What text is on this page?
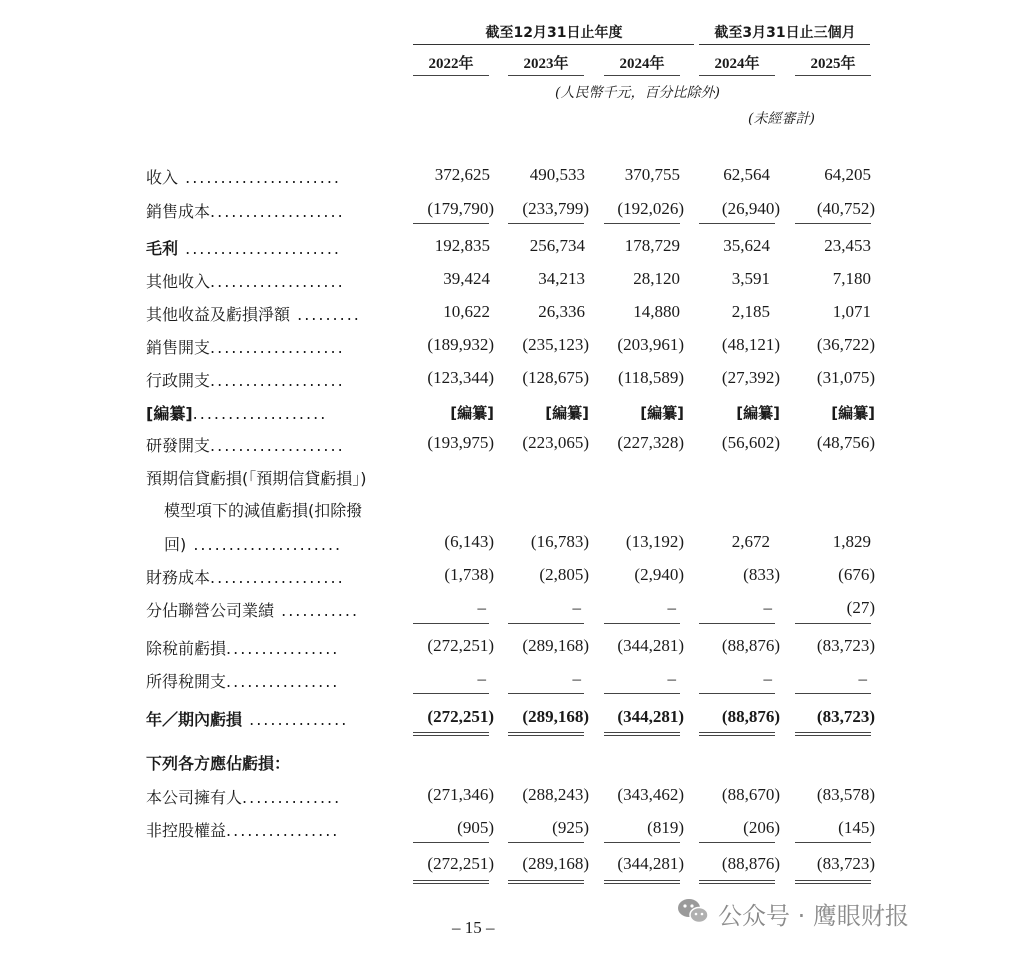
截至12月31日止年度	截至3月31日止三個月
2022年	2023年	2024年	2024年	2025年
(人民幣千元，百分比除外)
(未經審計)
收入 ......................	372,625	490,533	370,755	62,564	64,205
銷售成本...................	(179,790)	(233,799)	(192,026)	(26,940)	(40,752)
毛利 ......................	192,835	256,734	178,729	35,624	23,453
其他收入...................	39,424	34,213	28,120	3,591	7,180
其他收益及虧損淨額 .........	10,622	26,336	14,880	2,185	1,071
銷售開支...................	(189,932)	(235,123)	(203,961)	(48,121)	(36,722)
行政開支...................	(123,344)	(128,675)	(118,589)	(27,392)	(31,075)
[編纂]...................	[編纂]	[編纂]	[編纂]	[編纂]	[編纂]
研發開支...................	(193,975)	(223,065)	(227,328)	(56,602)	(48,756)
預期信貸虧損(「預期信貸虧損」)
模型項下的減值虧損(扣除撥
回) .....................	(6,143)	(16,783)	(13,192)	2,672	1,829
財務成本...................	(1,738)	(2,805)	(2,940)	(833)	(676)
分佔聯營公司業績 ...........	–	–	–	–	(27)
除稅前虧損................	(272,251)	(289,168)	(344,281)	(88,876)	(83,723)
所得稅開支................	–	–	–	–	–
年／期內虧損 ..............	(272,251)	(289,168)	(344,281)	(88,876)	(83,723)
下列各方應佔虧損：
本公司擁有人..............	(271,346)	(288,243)	(343,462)	(88,670)	(83,578)
非控股權益................	(905)	(925)	(819)	(206)	(145)
(272,251)	(289,168)	(344,281)	(88,876)	(83,723)
– 15 –	公众号 · 鹰眼财报
